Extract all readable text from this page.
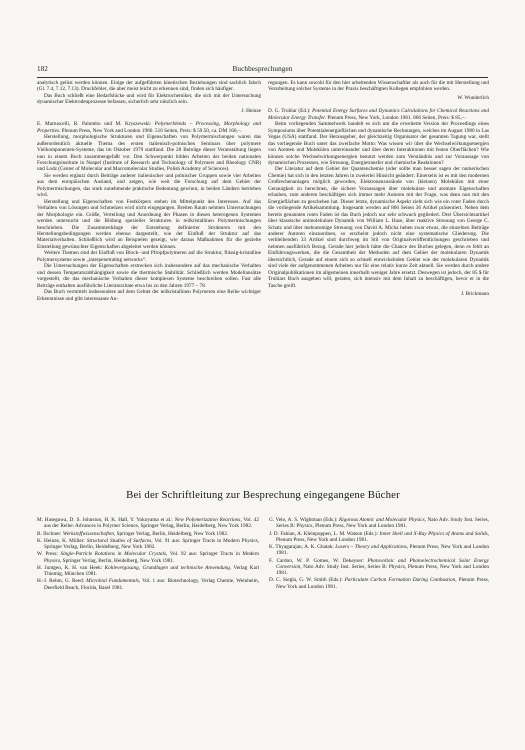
182	Buchbesprechungen

analytisch gelöst werden können. Einige der aufgeführten kinetischen Beziehungen sind sachlich falsch (Gl. 7.4, 7.12, 7.13). Druckfehler, die aber meist leicht zu erkennen sind, finden sich häufiger.

Das Buch schließt eine Bedarfslücke und wird für Elektrochemiker, die sich mit der Untersuchung dynamischer Elektrodenprozesse befassen, sicherlich sehr nützlich sein.

J. Heinze

E. Martuscelli, R. Palumbo und M. Kryszewski: Polymerblends – Processing, Morphology and Properties. Plenum Press, New York and London 1980. 510 Seiten, Preis: $ 59.50, ca. DM 160,–.

Herstellung, morphologische Strukturen und Eigenschaften von Polymermischungen waren das außerordentlich aktuelle Thema des ersten italienisch-polnischen Seminars über polymere Vielkomponenten-Systeme, das im Oktober 1979 stattfand. Die 28 Beiträge dieser Veranstaltung liegen nun in einem Buch zusammengefaßt vor. Den Schwerpunkt bilden Arbeiten der beiden nationalen Forschungsinstitute in Neapel (Institute of Research and Technology of Polymers and Rheology CNR) und Lodz (Center of Molecular and Macromolecular Studies, Polish Academy of Sciences).

Sie werden ergänzt durch Beiträge anderer italienischer und polnischer Gruppen sowie vier Arbeiten aus dem europäischen Ausland, und zeigen, wie weit die Forschung auf dem Gebiet der Polymermischungen, das stark zunehmende praktische Bedeutung gewinnt, in beiden Ländern betrieben wird.

Herstellung und Eigenschaften von Festkörpers stehen im Mittelpunkt des Interesses. Auf das Verhalten von Lösungen und Schmelzen wird nicht eingegangen. Breiten Raum nehmen Untersuchungen der Morphologie ein. Größe, Verteilung und Anordnung der Phasen in diesen heterogenen Systemen werden untersucht und die Bildung spezieller Strukturen in teilkristallinen Polymermischungen beschrieben. Die Zusammenhänge der Entstehung definierter Strukturen mit den Herstellungsbedingungen werden ebenso dargestellt, wie der Einfluß der Struktur auf das Materialverhalten. Schließlich wird an Beispielen gezeigt, wie daraus Maßnahmen für die gezielte Einstellung gewünschter Eigenschaften abgeleitet werden können.

Weitere Themen sind der Einfluß von Block- und Pfropfpolymeren auf die Struktur, flüssig-kristalline Polymersysteme sowie „interpenetrating networks“.

Die Untersuchungen der Eigenschaften erstrecken sich insbesondere auf das mechanische Verhalten und dessen Temperaturabhängigkeit sowie die thermische Stabilität. Schließlich werden Modellansätze vorgestellt, die das mechanische Verhalten dieser komplexen Systeme beschreiben sollen. Fast alle Beiträge enthalten ausführliche Literaturzitate etwa bis zu den Jahren 1977 – 78.

Das Buch vermittelt insbesondere auf dem Gebiet der teilkristallinen Polymeren eine Reihe wichtiger Erkenntnisse und gibt interessante An-

regungen. Es kann sowohl für den hier arbeitenden Wissenschaftler als auch für die mit Herstellung und Verarbeitung solcher Systeme in der Praxis beschäftigten Kollegen empfohlen werden.

W. Wunderlich

D. G. Truhlar (Ed.): Potential Energy Surfaces and Dynamics Calculations for Chemical Reactions and Molecular Energy Transfer. Plenum Press, New York, London 1981. 866 Seiten, Preis: $ 85,–.

Beim vorliegenden Sammelwerk handelt es sich um die erweiterte Version der Proceedings eines Symposiums über Potentialenergieflächen und dynamische Rechnungen, welches im August 1980 in Las Vegas (USA) stattfand. Der Herausgeber, der gleichzeitig Organisator der gesamten Tagung war, stellt das vorliegende Buch unter das zweifache Motto: Was wissen wir über die Wechselwirkungsenergien von Atomen und Molekülen untereinander und über deren Interaktionen mit festen Oberflächen? Wie können solche Wechselwirkungsenergien benutzt werden zum Verständnis und zur Voraussage von dynamischen Prozessen, wie Streuung, Energietransfer und chemische Reaktionen?

Der Literatur auf dem Gebiet der Quantenchemie (oder sollte man besser sagen der numerischen Chemie) hat sich in den letzten Jahren in zweierlei Hinsicht geändert: Einerseits ist es mit den modernen Großrechenanlagen möglich geworden, Elektronenzustände von (kleinen) Molekülen mit einer Genauigkeit zu berechnen, die sichere Voraussagen über molekulare und atomare Eigenschaften erlauben, zum anderen beschäftigen sich immer mehr Autoren mit der Frage, was denn nun mit den Energieflächen zu geschehen hat. Dieser letzte, dynamische Aspekt zieht sich wie ein roter Faden durch die vorliegende Artikelsammlung. Insgesamt werden auf 866 Seiten 36 Artikel präsentiert. Neben dem bereits genannten roten Faden ist das Buch jedoch nur sehr schwach gegliedert. Drei Übersichtsartikel über klassische unimolekulare Dynamik von William L. Hase, über reaktive Streuung von George C. Schatz und über mehratomige Streuung von David A. Micha heben zwar etwas, die einzelnen Beiträge anderer Autoren einzuordnen, so erscheint jedoch nicht eine systematische Gliederung. Die verbleibenden 33 Artikel sind durchweg im Stil von Originalveröffentlichungen geschrieben und nehmen ausführlich Bezug. Gerade hier jedoch hätte die Chance des Buches gelegen, denn es fehlt an Einführungswerken, die die Gesamtheit der Methoden auf dem Gebiet der molekularen Dynamik übersichtlich, Gerade auf einem sich so schnell entwickelnden Gebiet wie der molekularen Dynamik sind viele der aufgenommenen Arbeiten nur für eine relativ kurze Zeit aktuell. Sie werden durch andere Originalpublikationen im allgemeinen innerhalb weniger Jahre ersetzt. Deswegen ist jedoch, der 85 $ für Truhlars Buch ausgeben will, geraten, sich intensiv mit dem Inhalt zu beschäftigen, bevor er in die Tasche greift.

J. Brickmann

Bei der Schriftleitung zur Besprechung eingegangene Bücher

M. Hasegawa, D. S. Johnston, H. K. Hall, Y. Yokoyama et al.: New Polymerization Reactions, Vol. 42 aus der Reihe: Advances in Polymer Science, Springer Verlag, Berlin, Heidelberg, New York 1982.

B. Ilschner: Werkstoffwissenschaften, Springer Verlag, Berlin, Heidelberg, New York 1982.

K. Heinze, K. Müller: Structural Studies of Surfaces, Vol. 91 aus: Springer Tracts in Modern Physics, Springer Verlag, Berlin, Heidelberg, New York 1982.

W. Press: Single-Particle Rotations in Molecular Crystals, Vol. 92 aus: Springer Tracts in Modern Physics, Springer Verlag, Berlin, Heidelberg, New York 1981.

H. Juntgen, K. H. van Heek: Kohlevergasung, Grundlagen und technische Anwendung, Verlag Karl Thiemig, München 1981.

H.-J. Rehm, G. Reed: Microbial Fundamentals, Vol. 1 aus: Biotechnology, Verlag Chemie, Weinheim, Deerfield Beach, Florida, Basel 1981.

G. Velo, A. S. Wightman (Eds.): Rigorous Atomic and Molecular Physics, Nato Adv. Study Inst. Series, Series B: Physics, Plenum Press, New York and London 1981.

J. D. Fabian, A. Kleinpoppen, L. M. Watson (Eds.): Inner Shell and X-Ray Physics of Atoms and Solids, Plenum Press, New York and London 1981.

K. Thyagarajan, A. K. Ghatak: Lasers – Theory and Applications, Plenum Press, New York and London 1981.

F. Cardon, W. P. Gomes, W. Dekeyser: Photovoltaic and Photoelectrochemical Solar Energy Conversion, Nato Adv. Study Inst. Series, Series B: Physics, Plenum Press, New York and London 1981.

D. C. Siegla, G. W. Smith (Eds.): Particulate Carbon Formation During Combustion, Plenum Press, New York and London 1981.
